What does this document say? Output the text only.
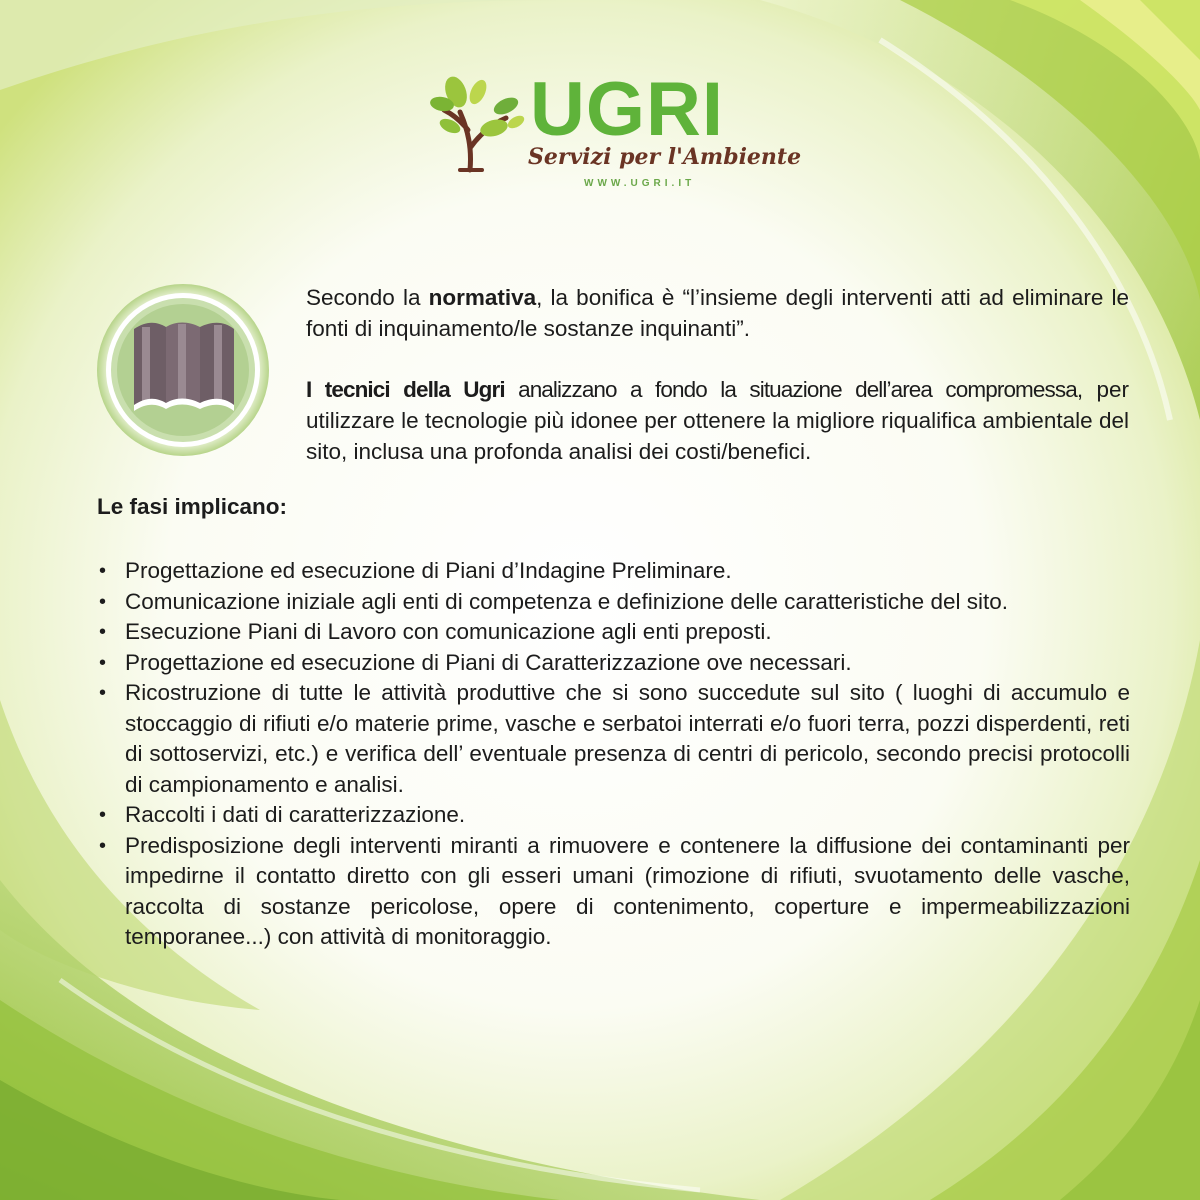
UGRI
Servizi per l'Ambiente
WWW.UGRI.IT

Secondo la normativa, la bonifica è “l’insieme degli interventi atti ad eliminare le fonti di inquinamento/le sostanze inquinanti”.

I tecnici della Ugri analizzano a fondo la situazione dell’area compromessa, per utilizzare le tecnologie più idonee per ottenere la migliore riqualifica ambientale del sito, inclusa una profonda analisi dei costi/benefici.

Le fasi implicano:
• Progettazione ed esecuzione di Piani d’Indagine Preliminare.
• Comunicazione iniziale agli enti di competenza e definizione delle caratteristiche del sito.
• Esecuzione Piani di Lavoro con comunicazione agli enti preposti.
• Progettazione ed esecuzione di Piani di Caratterizzazione ove necessari.
• Ricostruzione di tutte le attività produttive che si sono succedute sul sito ( luoghi di accumulo e stoccaggio di rifiuti e/o materie prime, vasche e serbatoi interrati e/o fuori terra, pozzi disperdenti, reti di sottoservizi, etc.) e verifica dell’ eventuale presenza di centri di pericolo, secondo precisi protocolli di campionamento e analisi.
• Raccolti i dati di caratterizzazione.
• Predisposizione degli interventi miranti a rimuovere e contenere la diffusione dei contaminanti per impedirne il contatto diretto con gli esseri umani (rimozione di rifiuti, svuotamento delle vasche, raccolta di sostanze pericolose, opere di contenimento, coperture e impermeabilizzazioni temporanee...) con attività di monitoraggio.
